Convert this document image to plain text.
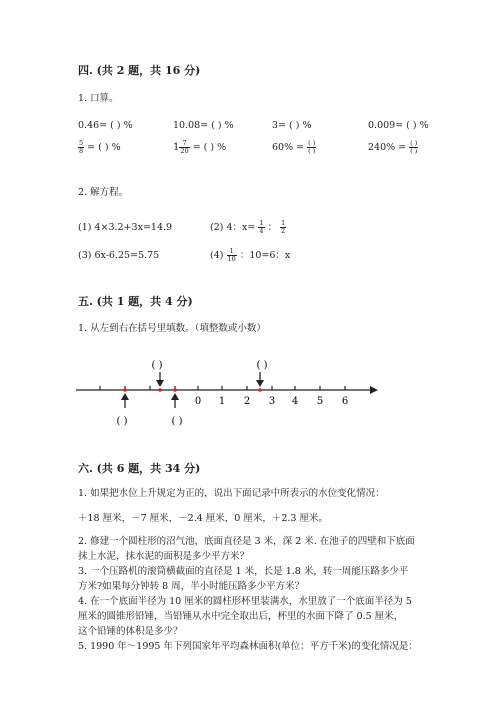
四. (共 2 题，共 16 分)
1. 口算。
0.46= ( ) %	10.08= ( ) %	3= ( ) %	0.009= ( ) %
$\frac{5}{8}$ = ( ) %	$1 \frac{7}{20}$ = ( ) %	$60\% = \frac{( )}{( )}$	$240\% = \frac{( )}{( )}$
2. 解方程。
(1) 4×3.2+3x=14.9	(2) 4：$x= \frac{1}{4}$ ： $\frac{1}{2}$
(3) 6x-6.25=5.75	$(4) \frac{1}{10}$ ：10=6：x
五. (共 1 题，共 4 分)
1. 从左到右在括号里填数。（填整数或小数）
0 1 2 3 4 5 6
( )	( )
( )	( )
六. (共 6 题，共 34 分)
1. 如果把水位上升规定为正的，说出下面记录中所表示的水位变化情况：
＋18 厘米，－7 厘米，－2.4 厘米，0 厘米，＋2.3 厘米。
2. 修建一个圆柱形的沼气池，底面直径是 3 米，深 2 米. 在池子的四壁和下底面
抹上水泥，抹水泥的面积是多少平方米？
3. 一个压路机的滚筒横截面的直径是 1 米，长是 1.8 米，转一周能压路多少平
方米?如果每分钟转 8 周，半小时能压路多少平方米？
4. 在一个底面半径为 10 厘米的圆柱形杯里装满水，水里放了一个底面半径为 5
厘米的圆锥形铅锤，当铅锤从水中完全取出后，杯里的水面下降了 0.5 厘米，
这个铅锤的体积是多少？
5. 1990 年～1995 年下列国家年平均森林面积(单位：平方千米)的变化情况是：
